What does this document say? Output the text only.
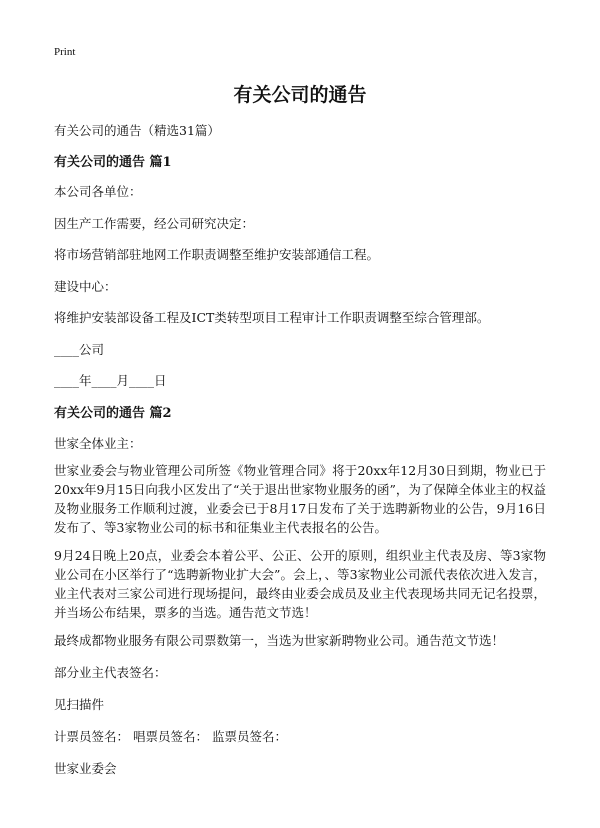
Print
有关公司的通告
有关公司的通告（精选31篇）
有关公司的通告 篇1
本公司各单位：
因生产工作需要，经公司研究决定：
将市场营销部驻地网工作职责调整至维护安装部通信工程。
建设中心：
将维护安装部设备工程及ICT类转型项目工程审计工作职责调整至综合管理部。
____公司
____年____月____日
有关公司的通告 篇2
世家全体业主：
世家业委会与物业管理公司所签《物业管理合同》将于20xx年12月30日到期，物业已于20xx年9月15日向我小区发出了“关于退出世家物业服务的函”，为了保障全体业主的权益及物业服务工作顺利过渡，业委会已于8月17日发布了关于选聘新物业的公告，9月16日发布了、等3家物业公司的标书和征集业主代表报名的公告。
9月24日晚上20点，业委会本着公平、公正、公开的原则，组织业主代表及房、等3家物业公司在小区举行了“选聘新物业扩大会”。会上，、等3家物业公司派代表依次进入发言，业主代表对三家公司进行现场提问，最终由业委会成员及业主代表现场共同无记名投票，并当场公布结果，票多的当选。通告范文节选！
最终成都物业服务有限公司票数第一，当选为世家新聘物业公司。通告范文节选！
部分业主代表签名：
见扫描件
计票员签名： 唱票员签名： 监票员签名：
世家业委会
